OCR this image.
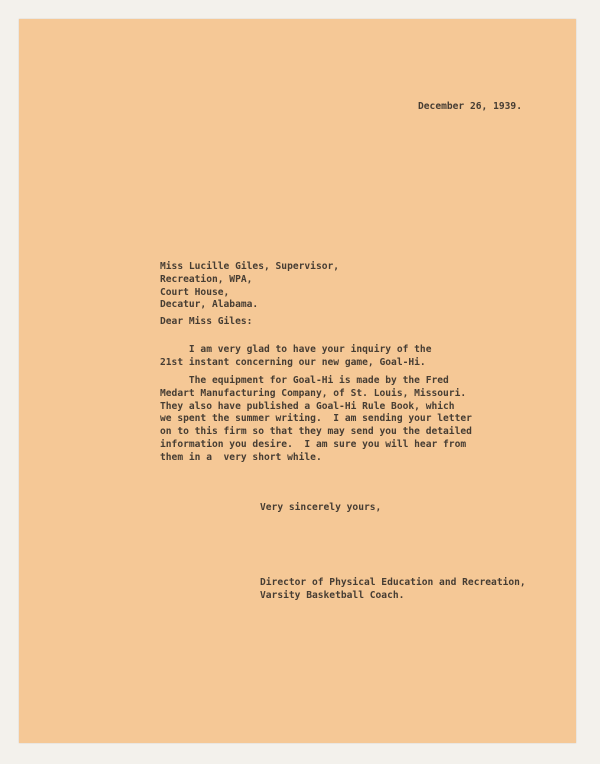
December 26, 1939.

Miss Lucille Giles, Supervisor,
Recreation, WPA,
Court House,
Decatur, Alabama.

Dear Miss Giles:

I am very glad to have your inquiry of the
21st instant concerning our new game, Goal-Hi.
The equipment for Goal-Hi is made by the Fred
Medart Manufacturing Company, of St. Louis, Missouri.
They also have published a Goal-Hi Rule Book, which
we spent the summer writing.  I am sending your letter
on to this firm so that they may send you the detailed
information you desire.  I am sure you will hear from
them in a  very short while.

Very sincerely yours,

Director of Physical Education and Recreation,
Varsity Basketball Coach.
